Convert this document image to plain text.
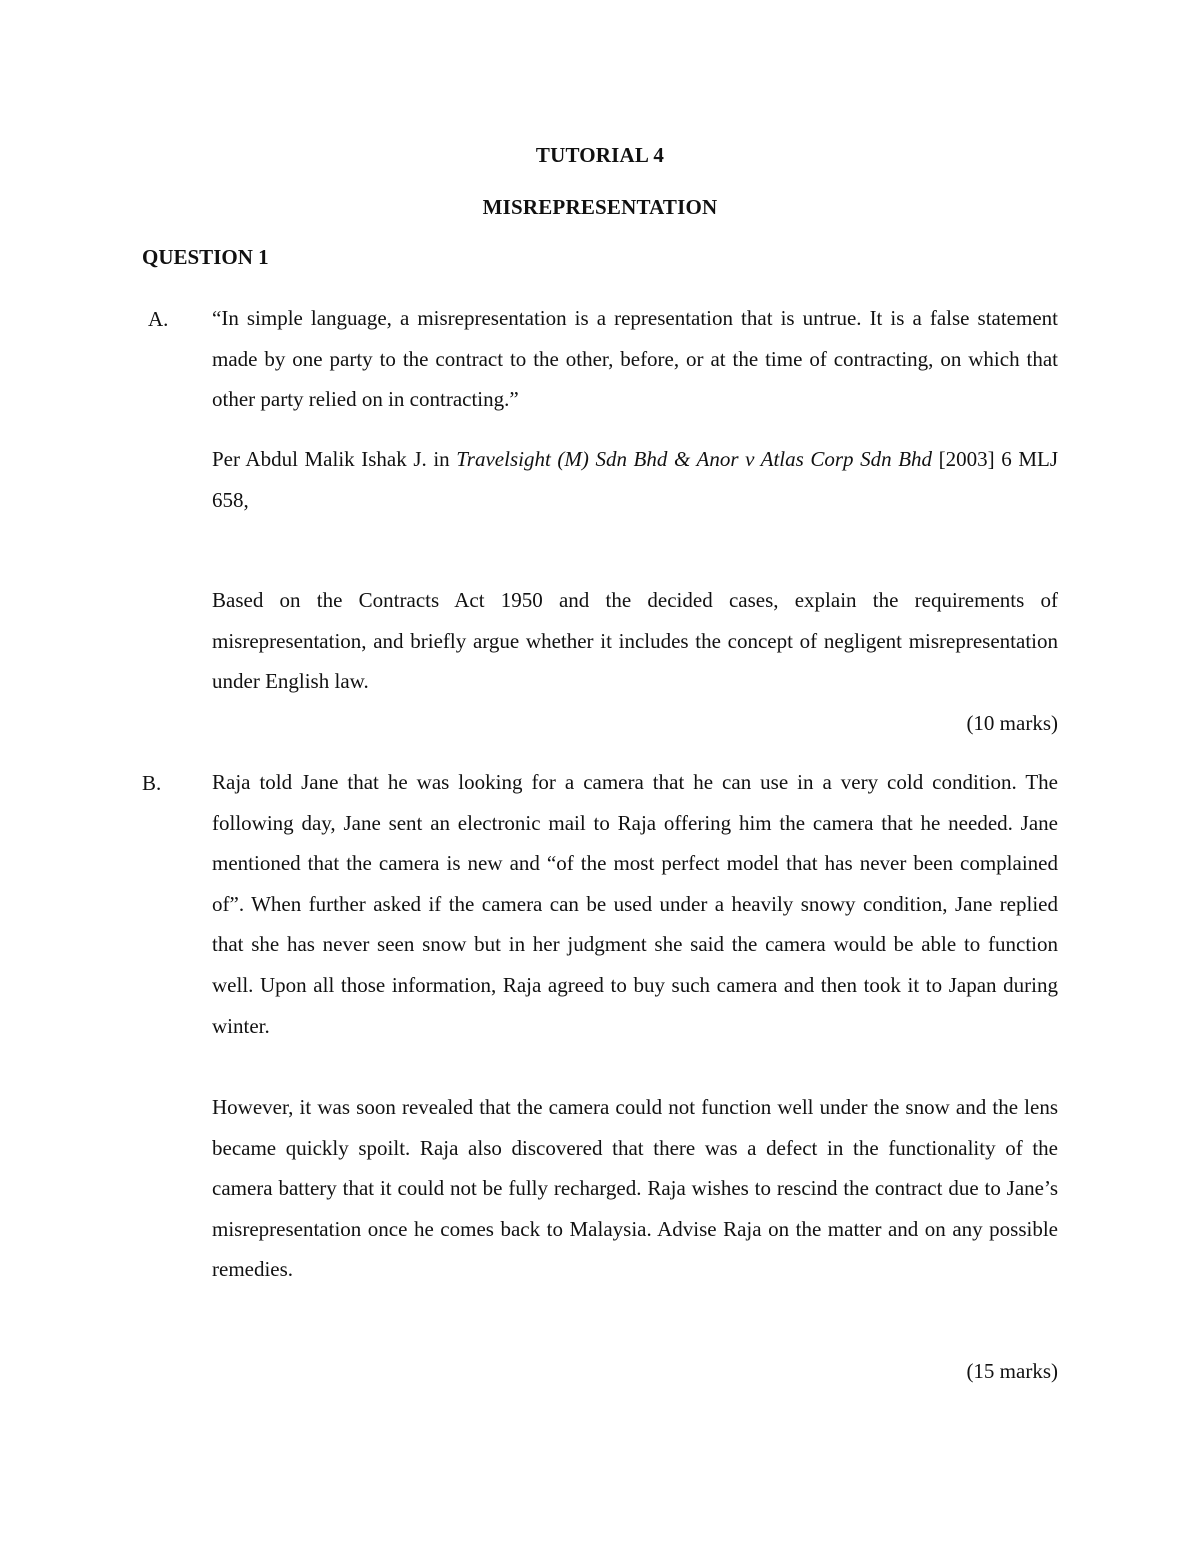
TUTORIAL 4
MISREPRESENTATION
QUESTION 1
A. “In simple language, a misrepresentation is a representation that is untrue. It is a false statement made by one party to the contract to the other, before, or at the time of contracting, on which that other party relied on in contracting.”

Per Abdul Malik Ishak J. in Travelsight (M) Sdn Bhd & Anor v Atlas Corp Sdn Bhd [2003] 6 MLJ 658,

Based on the Contracts Act 1950 and the decided cases, explain the requirements of misrepresentation, and briefly argue whether it includes the concept of negligent misrepresentation under English law.

(10 marks)
B. Raja told Jane that he was looking for a camera that he can use in a very cold condition. The following day, Jane sent an electronic mail to Raja offering him the camera that he needed. Jane mentioned that the camera is new and “of the most perfect model that has never been complained of”. When further asked if the camera can be used under a heavily snowy condition, Jane replied that she has never seen snow but in her judgment she said the camera would be able to function well. Upon all those information, Raja agreed to buy such camera and then took it to Japan during winter.

However, it was soon revealed that the camera could not function well under the snow and the lens became quickly spoilt. Raja also discovered that there was a defect in the functionality of the camera battery that it could not be fully recharged. Raja wishes to rescind the contract due to Jane’s misrepresentation once he comes back to Malaysia. Advise Raja on the matter and on any possible remedies.

(15 marks)
